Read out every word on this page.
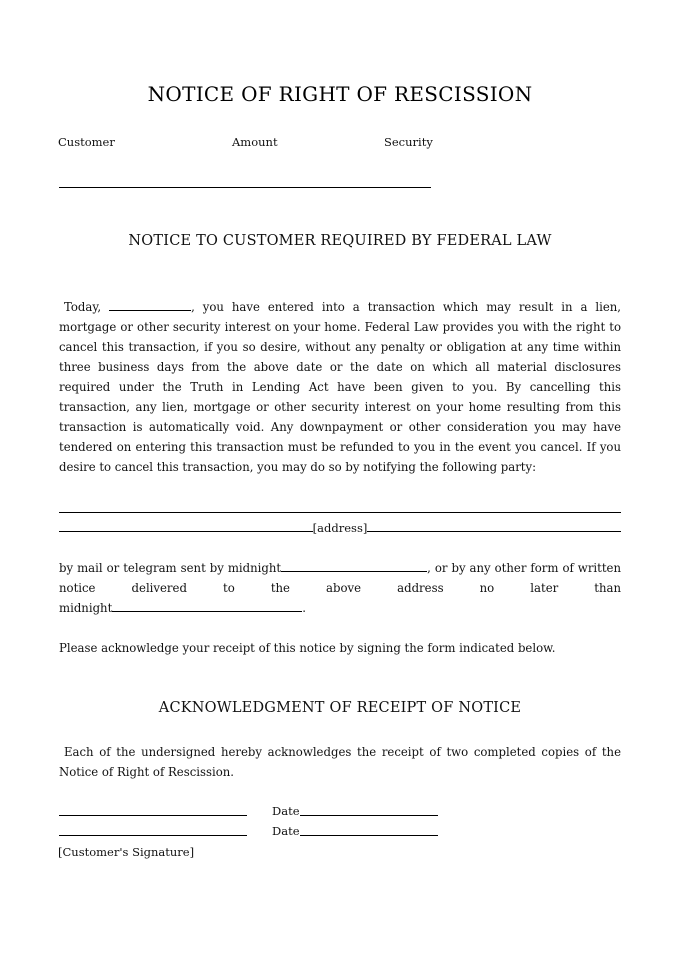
NOTICE OF RIGHT OF RESCISSION
Customer	Amount	Security
NOTICE TO CUSTOMER REQUIRED BY FEDERAL LAW
Today,	, you have entered into a transaction which may result in a lien, mortgage or other security interest on your home. Federal Law provides you with the right to cancel this transaction, if you so desire, without any penalty or obligation at any time within three business days from the above date or the date on which all material disclosures required under the Truth in Lending Act have been given to you. By cancelling this transaction, any lien, mortgage or other security interest on your home resulting from this transaction is automatically void. Any downpayment or other consideration you may have tendered on entering this transaction must be refunded to you in the event you cancel. If you desire to cancel this transaction, you may do so by notifying the following party:
[address]
by mail or telegram sent by midnight	, or by any other form of written notice delivered to the above address no later than
midnight	.
Please acknowledge your receipt of this notice by signing the form indicated below.
ACKNOWLEDGMENT OF RECEIPT OF NOTICE
Each of the undersigned hereby acknowledges the receipt of two completed copies of the Notice of Right of Rescission.
Date
Date
[Customer's Signature]
